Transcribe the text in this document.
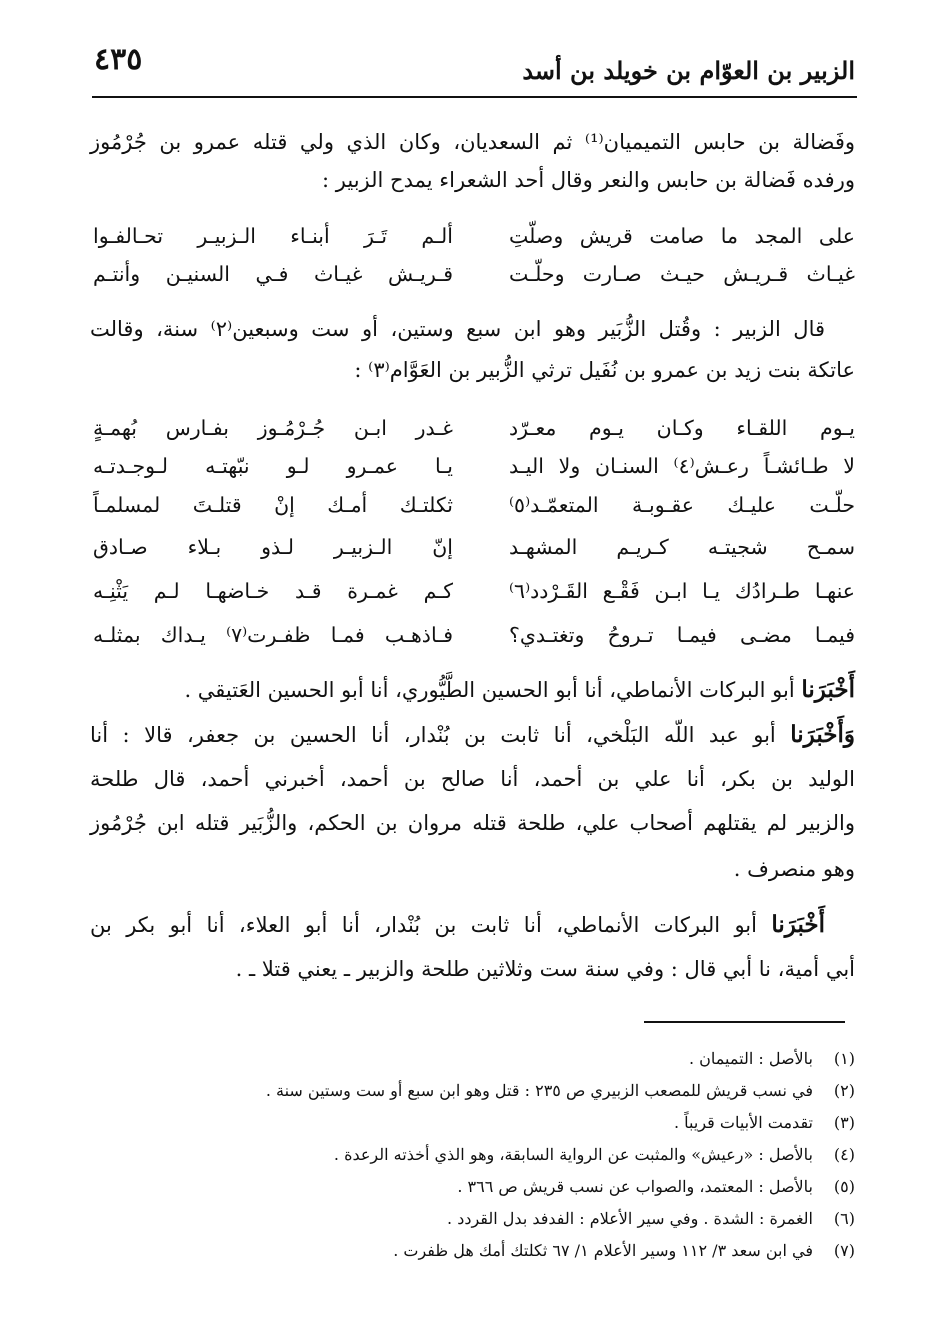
الزبير بن العوّام بن خويلد بن أسد
٤٣٥
وفَضالة بن حابس التميميان⁽¹⁾ ثم السعديان، وكان الذي ولي قتله عمرو بن جُرْمُوز
ورفده فَضالة بن حابس والنعر وقال أحد الشعراء يمدح الزبير :
ألـم تَـرَ أبنـاء الـزبيـر تحـالفـوا	على المجد ما صامت قريش وصلّتِ
قـريـش غيـاث فـي السنيـن وأنتـم	غيـاث قـريـش حيـث صـارت وحلّـت
قال الزبير : وقُتل الزُّبَير وهو ابن سبع وستين، أو ست وسبعين⁽٢⁾ سنة، وقالت
عاتكة بنت زيد بن عمرو بن نُفَيل ترثي الزُّبير بن العَوَّام⁽٣⁾ :
غـدر ابـن جُـرْمُـوز بفـارس بُهمـةٍ	يـوم اللقـاء وكـان يـوم معـرّد
يـا عمـرو لـو نبّهتـه لـوجـدتـه	لا طـائشـاً رعـش⁽٤⁾ السنـان ولا اليـد
ثكلتـك أمـك إنْ قتلـتَ لمسلمـاً	حلّـت عليـك عقـوبـة المتعمّـد⁽٥⁾
إنّ الـزبيـر لـذو بـلاء صـادق	سمـح شجيتـه كـريـم المشهـد
كـم غمـرة قـد خـاضهـا لـم يَثْنِـه	عنهـا طـرادُك يـا ابـن فَقْـع القَـرْدد⁽٦⁾
فـاذهـب فمـا ظفـرت⁽٧⁾ يـداك بمثلـه	فيمـا مضـى فيمـا تـروحُ وتغتـدي؟
أَخْبَرَنا أبو البركات الأنماطي، أنا أبو الحسين الطَّيُّوري، أنا أبو الحسين العَتيقي .
وَأَخْبَرَنا أبو عبد اللّه البَلْخي، أنا ثابت بن بُنْدار، أنا الحسين بن جعفر، قالا : أنا
الوليد بن بكر، أنا علي بن أحمد، أنا صالح بن أحمد، أخبرني أحمد، قال طلحة
والزبير لم يقتلهم أصحاب علي، طلحة قتله مروان بن الحكم، والزُّبَير قتله ابن جُرْمُوز
وهو منصرف .
أَخْبَرَنا أبو البركات الأنماطي، أنا ثابت بن بُنْدار، أنا أبو العلاء، أنا أبو بكر بن
أبي أمية، نا أبي قال : وفي سنة ست وثلاثين طلحة والزبير ـ يعني قتلا ـ .
(١)بالأصل : التميمان .
(٢)في نسب قريش للمصعب الزبيري ص ٢٣٥ : قتل وهو ابن سبع أو ست وستين سنة .
(٣)تقدمت الأبيات قريباً .
(٤)بالأصل : «رعيش» والمثبت عن الرواية السابقة، وهو الذي أخذته الرعدة .
(٥)بالأصل : المعتمد، والصواب عن نسب قريش ص ٣٦٦ .
(٦)الغمرة : الشدة . وفي سير الأعلام : الفدفد بدل القردد .
(٧)في ابن سعد ٣/ ١١٢ وسير الأعلام ١/ ٦٧ ثكلتك أمك هل ظفرت .
